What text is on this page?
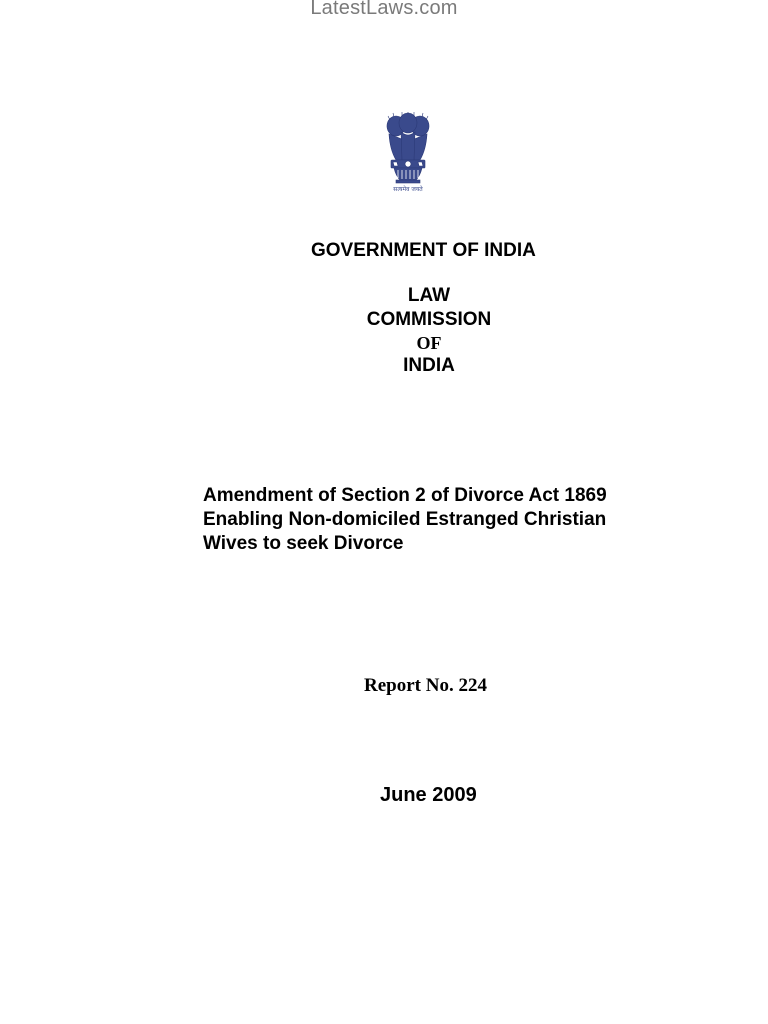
LatestLaws.com
सत्यमेव जयते
GOVERNMENT OF INDIA
LAW
COMMISSION
OF
INDIA
Amendment of Section 2 of Divorce Act 1869
Enabling Non-domiciled Estranged Christian
Wives to seek Divorce
Report No. 224
June 2009
